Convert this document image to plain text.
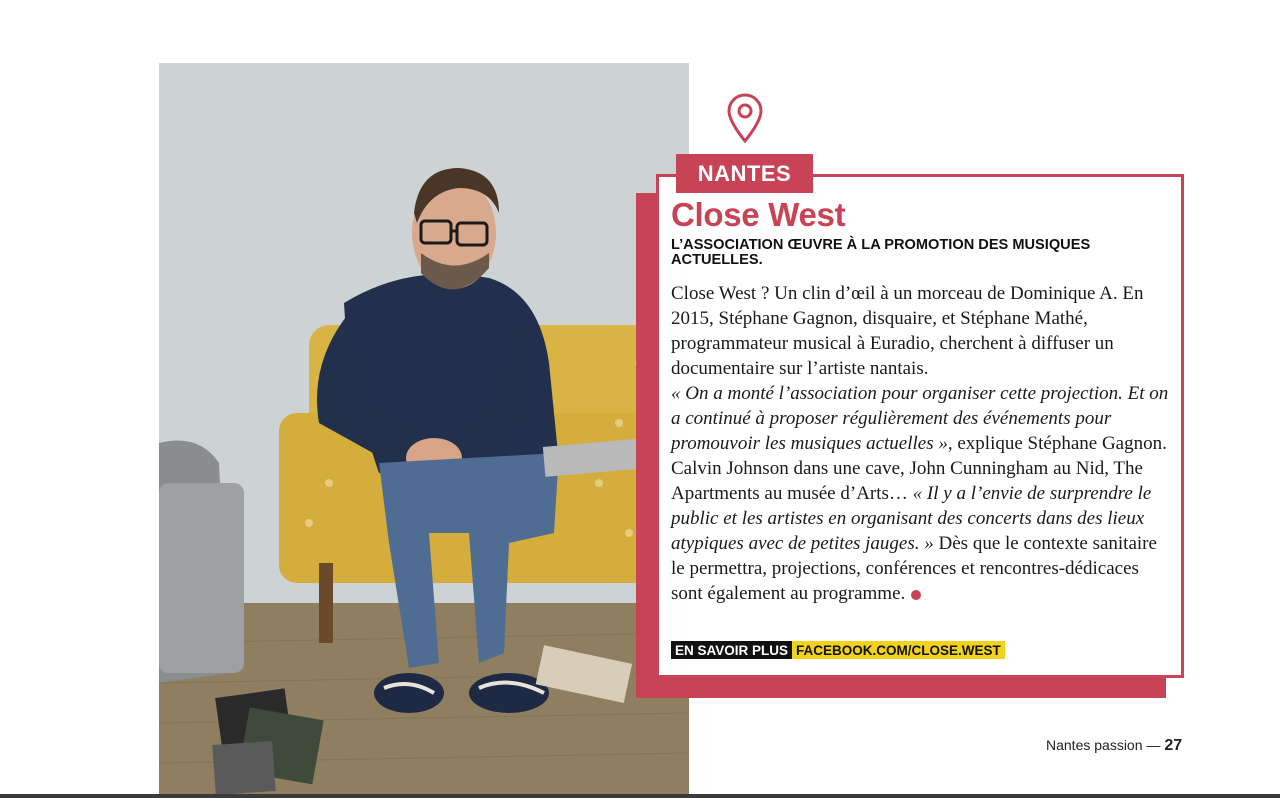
NANTES
Close West
L’ASSOCIATION ŒUVRE À LA PROMOTION DES MUSIQUES ACTUELLES.

Close West ? Un clin d’œil à un morceau de Dominique A. En 2015, Stéphane Gagnon, disquaire, et Stéphane Mathé, programmateur musical à Euradio, cherchent à diffuser un documentaire sur l’artiste nantais.
« On a monté l’association pour organiser cette projection. Et on a continué à proposer régulièrement des événements pour promouvoir les musiques actuelles », explique Stéphane Gagnon. Calvin Johnson dans une cave, John Cunningham au Nid, The Apartments au musée d’Arts… « Il y a l’envie de surprendre le public et les artistes en organisant des concerts dans des lieux atypiques avec de petites jauges. » Dès que le contexte sanitaire le permettra, projections, conférences et rencontres-dédicaces sont également au programme.

EN SAVOIR PLUS FACEBOOK.COM/CLOSE.WEST
Nantes passion — 27
